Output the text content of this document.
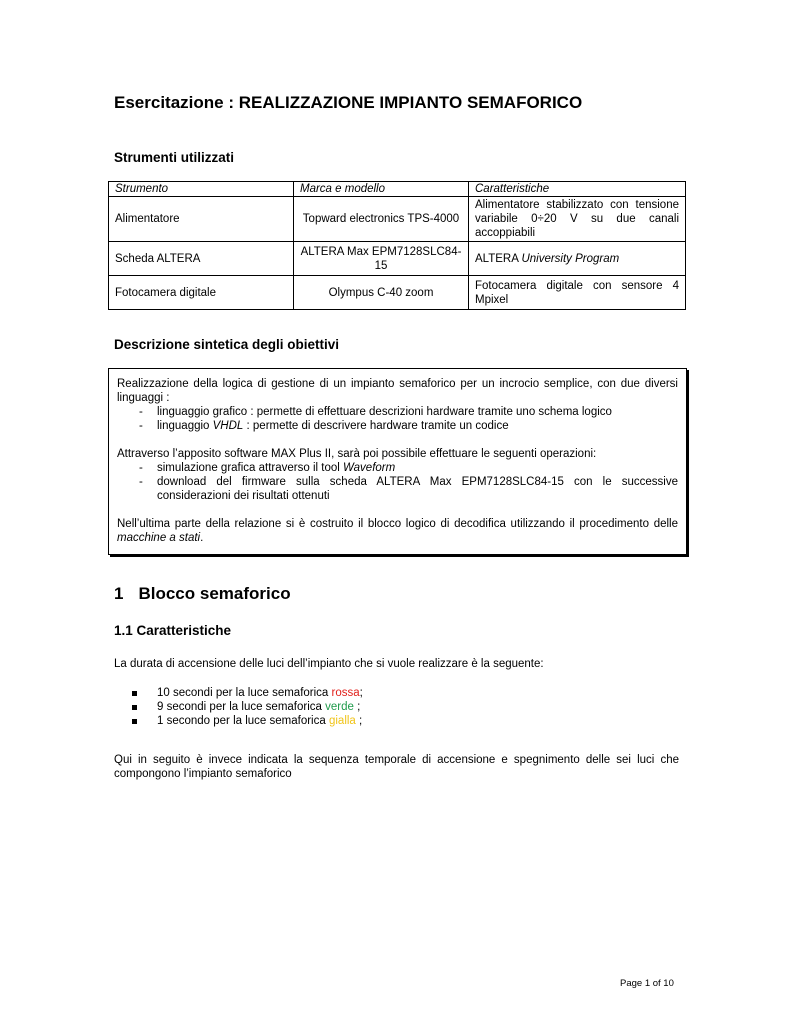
Esercitazione : REALIZZAZIONE IMPIANTO SEMAFORICO
Strumenti utilizzati
Strumento	Marca e modello	Caratteristiche
Alimentatore	Topward electronics TPS-4000	Alimentatore stabilizzato con tensione variabile 0÷20 V su due canali accoppiabili
Scheda ALTERA	ALTERA Max EPM7128SLC84-15	ALTERA University Program
Fotocamera digitale	Olympus C-40 zoom	Fotocamera digitale con sensore 4 Mpixel
Descrizione sintetica degli obiettivi

Realizzazione della logica di gestione di un impianto semaforico per un incrocio semplice, con due diversi linguaggi :

- linguaggio grafico : permette di effettuare descrizioni hardware tramite uno schema logico
- linguaggio VHDL : permette di descrivere hardware tramite un codice

Attraverso l’apposito software MAX Plus II, sarà poi possibile effettuare le seguenti operazioni:

- simulazione grafica attraverso il tool Waveform
- download del firmware sulla scheda ALTERA Max EPM7128SLC84-15 con le successive considerazioni dei risultati ottenuti

Nell’ultima parte della relazione si è costruito il blocco logico di decodifica utilizzando il procedimento delle macchine a stati.

1 Blocco semaforico
1.1 Caratteristiche

La durata di accensione delle luci dell’impianto che si vuole realizzare è la seguente:

10 secondi per la luce semaforica rossa;
9 secondi per la luce semaforica verde ;
1 secondo per la luce semaforica gialla ;

Qui in seguito è invece indicata la sequenza temporale di accensione e spegnimento delle sei luci che compongono l’impianto semaforico

Page 1 of 10
